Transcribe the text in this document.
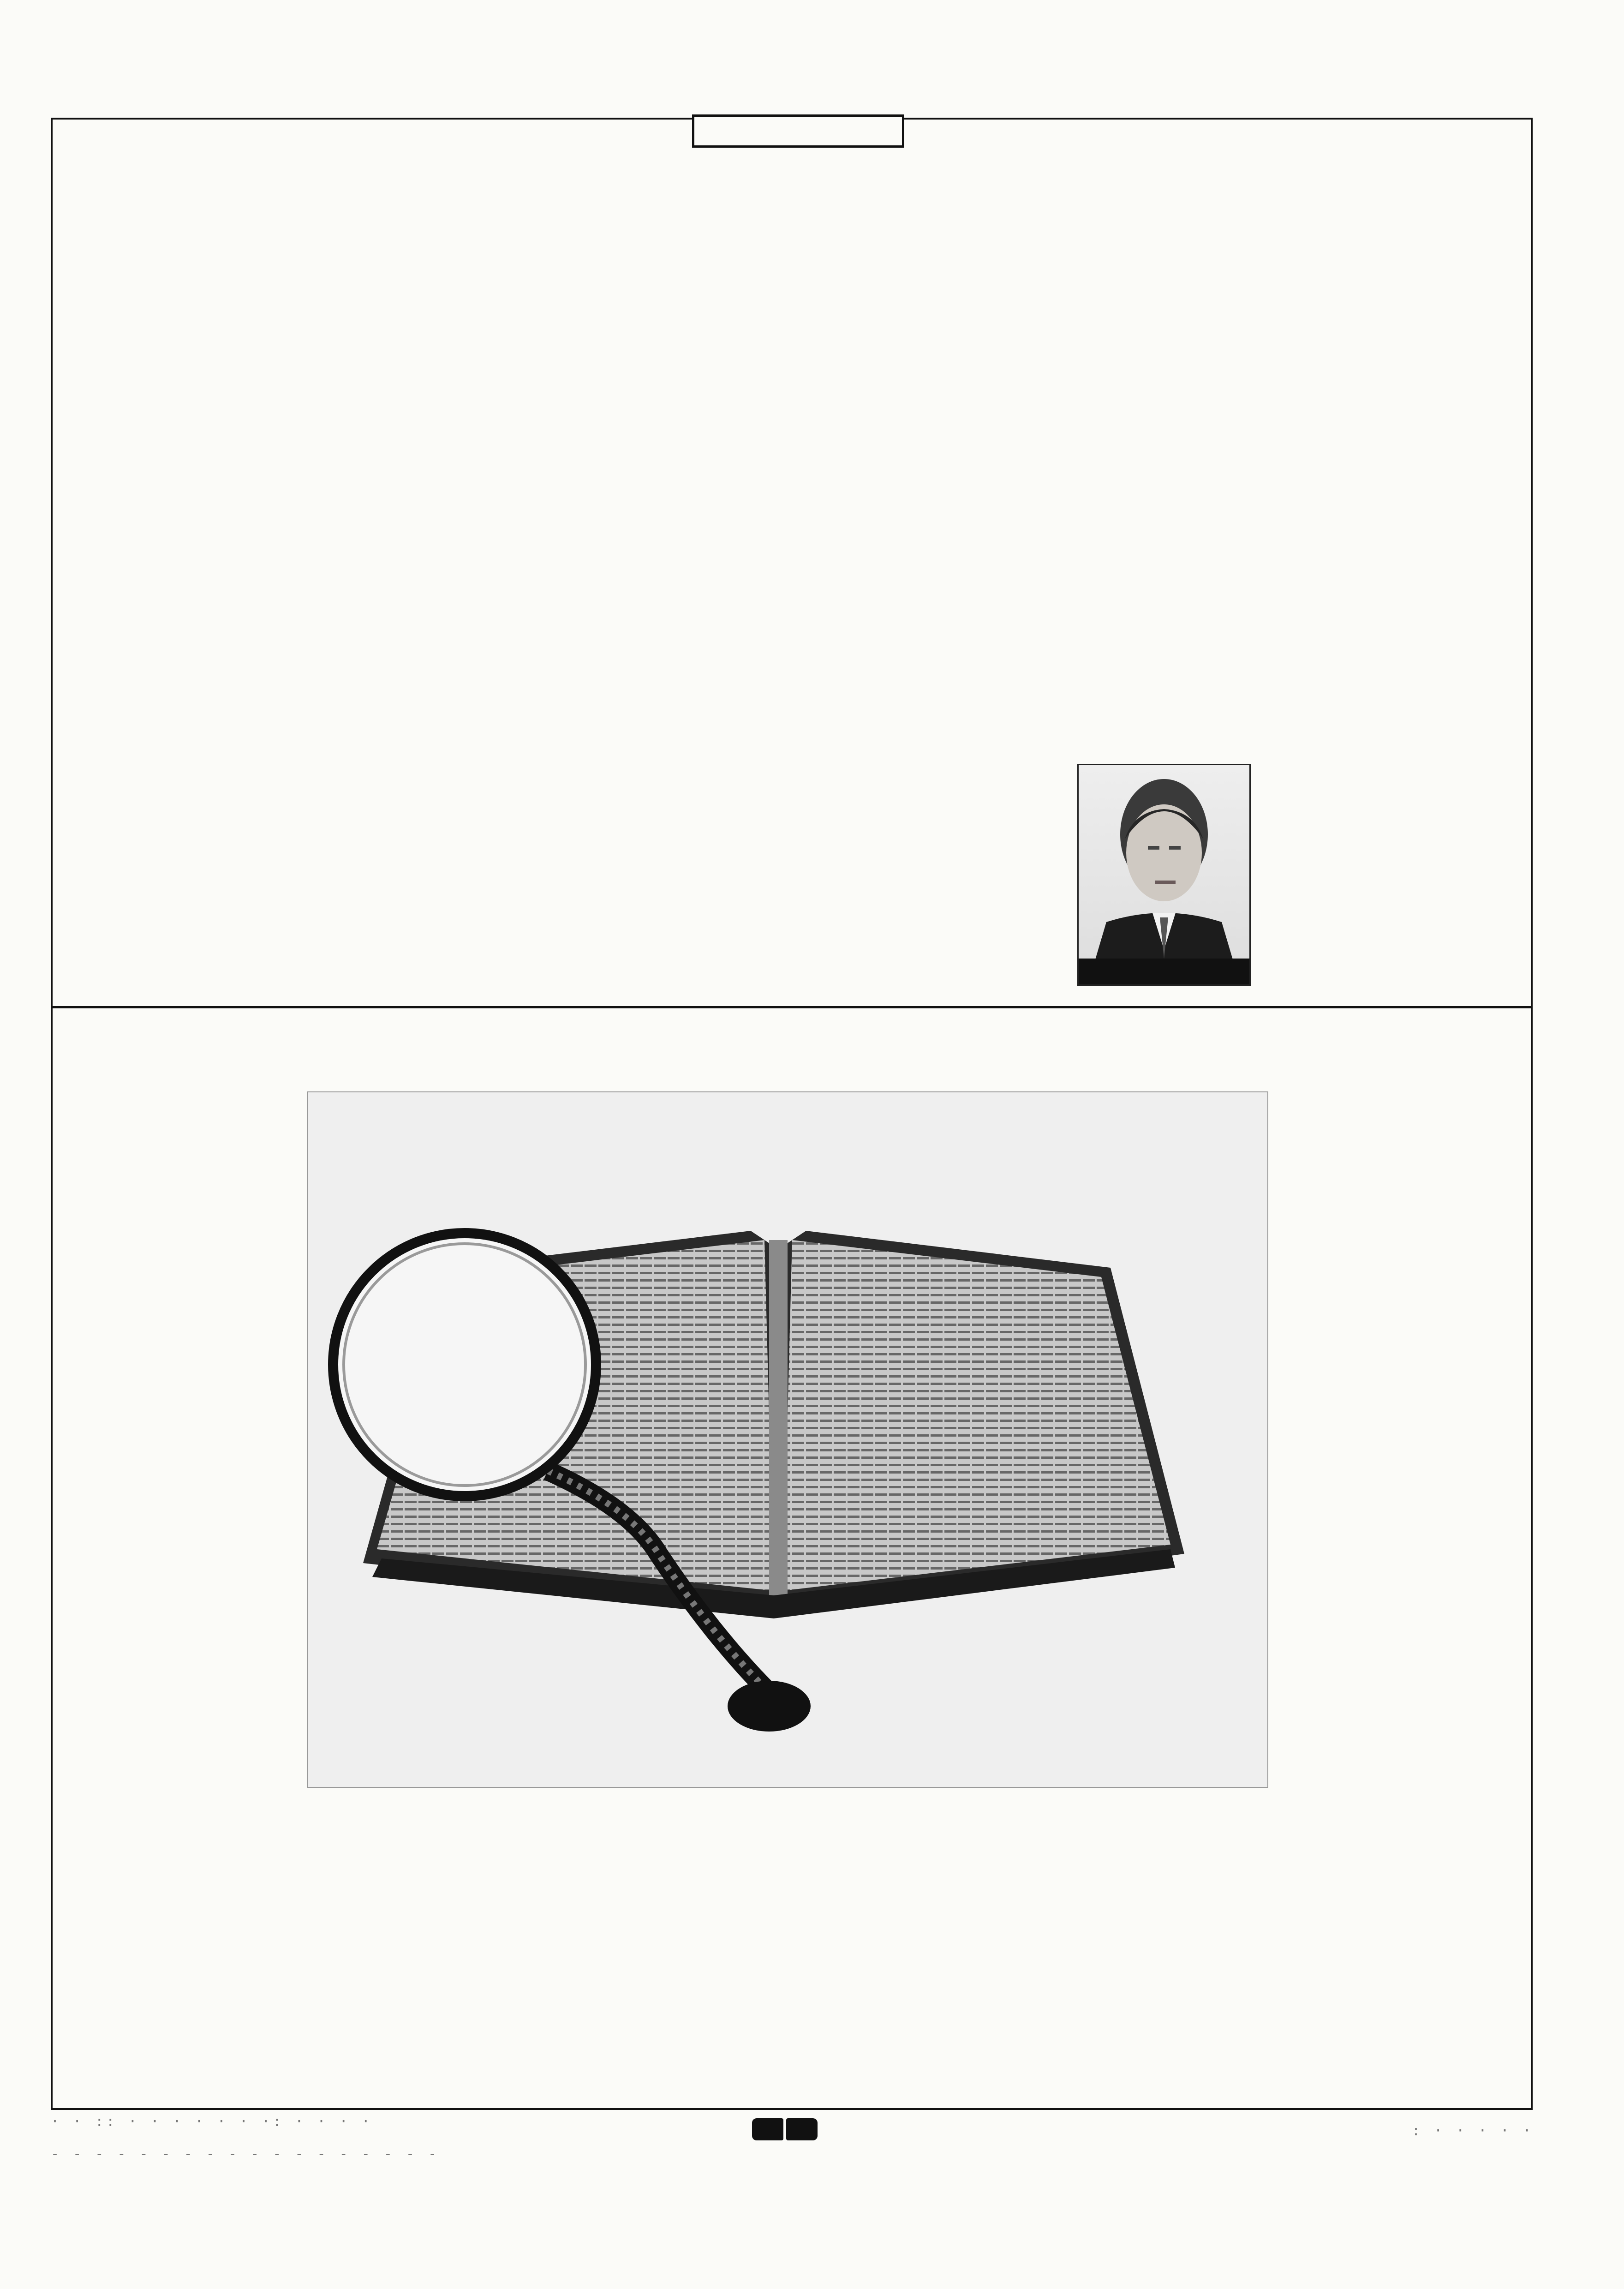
· · :: · · · · · · ·: · · · ·
- - - - - - - - - - - - - - - - - -
: · · · · ·
